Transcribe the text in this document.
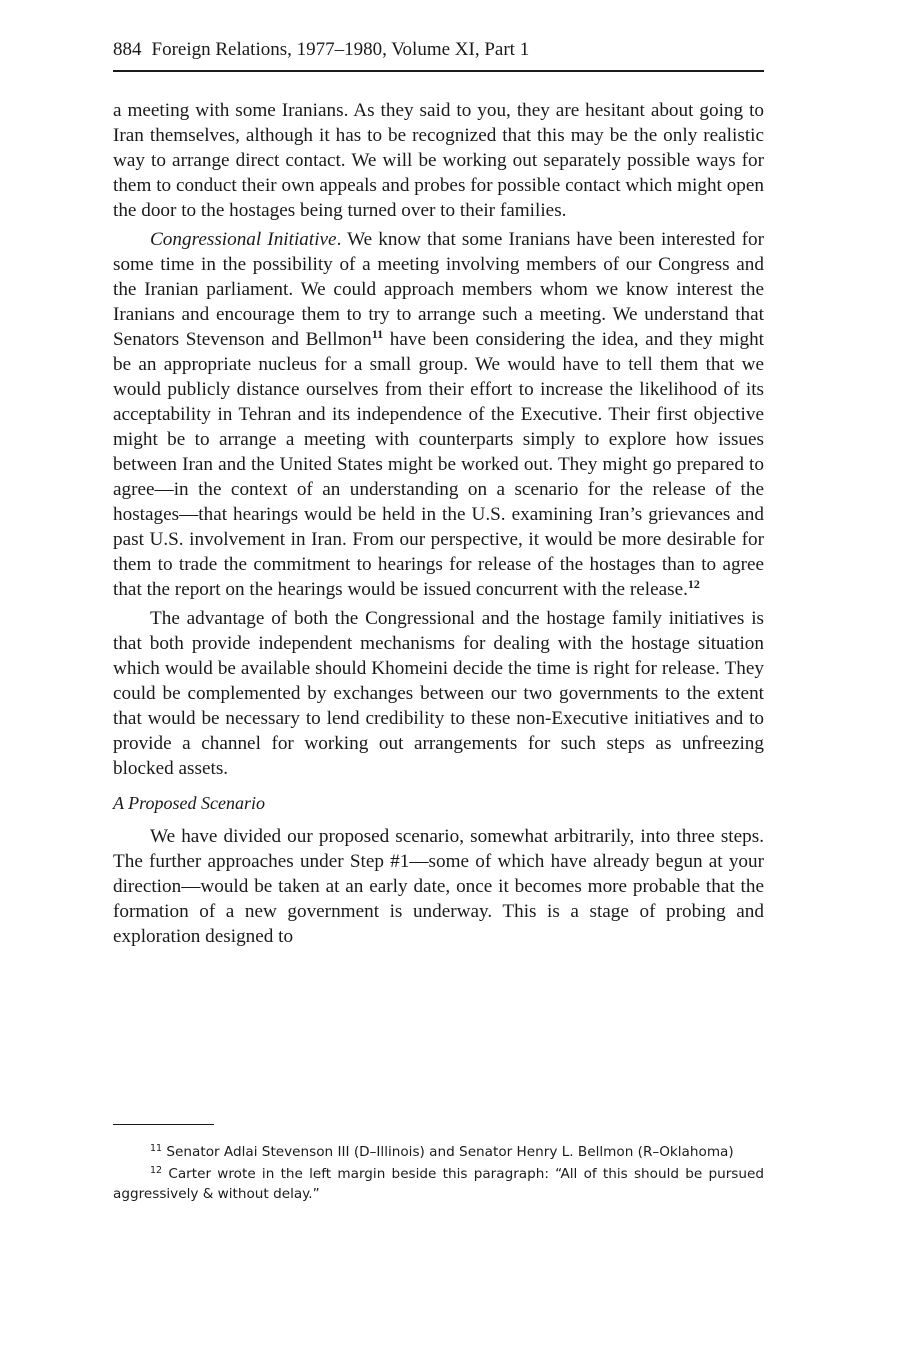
884 Foreign Relations, 1977–1980, Volume XI, Part 1

a meeting with some Iranians. As they said to you, they are hesitant about going to Iran themselves, although it has to be recognized that this may be the only realistic way to arrange direct contact. We will be working out separately possible ways for them to conduct their own appeals and probes for possible contact which might open the door to the hostages being turned over to their families.

Congressional Initiative. We know that some Iranians have been interested for some time in the possibility of a meeting involving members of our Congress and the Iranian parliament. We could approach members whom we know interest the Iranians and encourage them to try to arrange such a meeting. We understand that Senators Stevenson and Bellmon$^{11}$ have been considering the idea, and they might be an appropriate nucleus for a small group. We would have to tell them that we would publicly distance ourselves from their effort to increase the likelihood of its acceptability in Tehran and its independence of the Executive. Their first objective might be to arrange a meeting with counterparts simply to explore how issues between Iran and the United States might be worked out. They might go prepared to agree—in the context of an understanding on a scenario for the release of the hostages—that hearings would be held in the U.S. examining Iran’s grievances and past U.S. involvement in Iran. From our perspective, it would be more desirable for them to trade the commitment to hearings for release of the hostages than to agree that the report on the hearings would be issued concurrent with the release.$^{12}$

The advantage of both the Congressional and the hostage family initiatives is that both provide independent mechanisms for dealing with the hostage situation which would be available should Khomeini decide the time is right for release. They could be complemented by exchanges between our two governments to the extent that would be necessary to lend credibility to these non-Executive initiatives and to provide a channel for working out arrangements for such steps as unfreezing blocked assets.

A Proposed Scenario

We have divided our proposed scenario, somewhat arbitrarily, into three steps. The further approaches under Step #1—some of which have already begun at your direction—would be taken at an early date, once it becomes more probable that the formation of a new government is underway. This is a stage of probing and exploration designed to

$^{11}$ Senator Adlai Stevenson III (D–Illinois) and Senator Henry L. Bellmon (R–Oklahoma)

$^{12}$ Carter wrote in the left margin beside this paragraph: “All of this should be pursued aggressively & without delay.”
